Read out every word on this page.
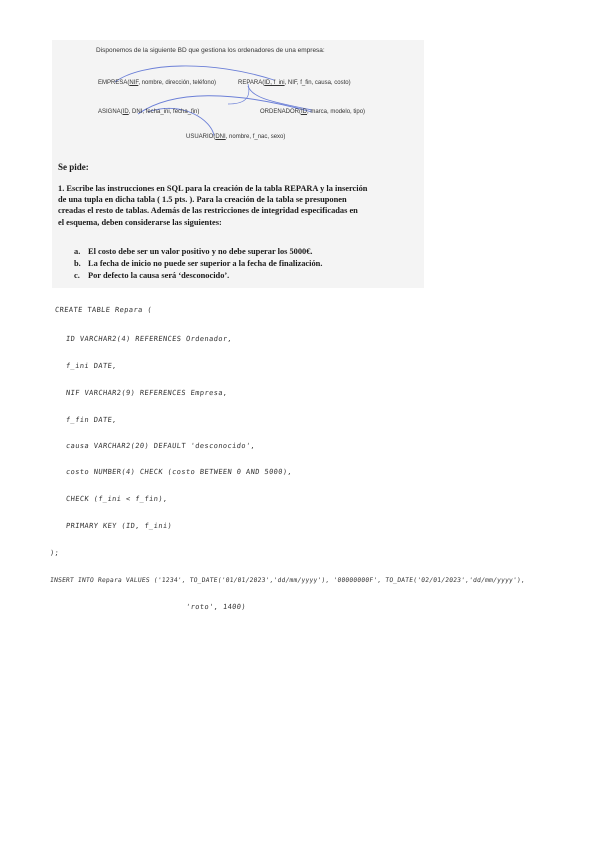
Disponemos de la siguiente BD que gestiona los ordenadores de una empresa:
EMPRESA(NIF, nombre, dirección, teléfono)	REPARA(ID, f_ini, NIF, f_fin, causa, costo)
ASIGNA(ID, DNI, fecha_ini, fecha_fin)	ORDENADOR(ID, marca, modelo, tipo)
USUARIO(DNI, nombre, f_nac, sexo)
Se pide:
1. Escribe las instrucciones en SQL para la creación de la tabla REPARA y la inserción
de una tupla en dicha tabla ( 1.5 pts. ). Para la creación de la tabla se presuponen
creadas el resto de tablas. Además de las restricciones de integridad especificadas en
el esquema, deben considerarse las siguientes:
a. El costo debe ser un valor positivo y no debe superar los 5000€.
b. La fecha de inicio no puede ser superior a la fecha de finalización.
c. Por defecto la causa será ‘desconocido’.
CREATE TABLE Repara (
ID VARCHAR2(4) REFERENCES Ordenador,
f_ini DATE,
NIF VARCHAR2(9) REFERENCES Empresa,
f_fin DATE,
causa VARCHAR2(20) DEFAULT 'desconocido',
costo NUMBER(4) CHECK (costo BETWEEN 0 AND 5000),
CHECK (f_ini < f_fin),
PRIMARY KEY (ID, f_ini)
);
INSERT INTO Repara VALUES ('1234', TO_DATE('01/01/2023','dd/mm/yyyy'), '00000000F', TO_DATE('02/01/2023','dd/mm/yyyy'),
'roto', 1400)
